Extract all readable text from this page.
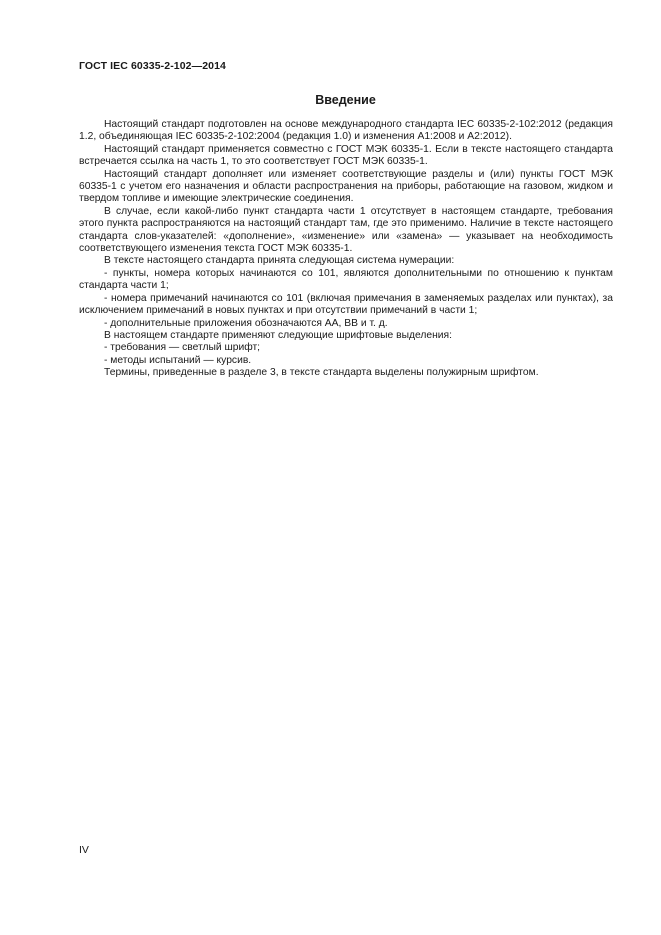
ГОСТ IEC 60335-2-102—2014
Введение

Настоящий стандарт подготовлен на основе международного стандарта IEC 60335-2-102:2012 (редакция 1.2, объединяющая IEC 60335-2-102:2004 (редакция 1.0) и изменения A1:2008 и A2:2012).

Настоящий стандарт применяется совместно с ГОСТ МЭК 60335-1. Если в тексте настоящего стандарта встречается ссылка на часть 1, то это соответствует ГОСТ МЭК 60335-1.

Настоящий стандарт дополняет или изменяет соответствующие разделы и (или) пункты ГОСТ МЭК 60335-1 с учетом его назначения и области распространения на приборы, работающие на газовом, жидком и твердом топливе и имеющие электрические соединения.

В случае, если какой-либо пункт стандарта части 1 отсутствует в настоящем стандарте, требования этого пункта распространяются на настоящий стандарт там, где это применимо. Наличие в тексте настоящего стандарта слов-указателей: «дополнение», «изменение» или «замена» — указывает на необходимость соответствующего изменения текста ГОСТ МЭК 60335-1.

В тексте настоящего стандарта принята следующая система нумерации:

- пункты, номера которых начинаются со 101, являются дополнительными по отношению к пунктам стандарта части 1;

- номера примечаний начинаются со 101 (включая примечания в заменяемых разделах или пунктах), за исключением примечаний в новых пунктах и при отсутствии примечаний в части 1;

- дополнительные приложения обозначаются AA, BB и т. д.

В настоящем стандарте применяют следующие шрифтовые выделения:

- требования — светлый шрифт;

- методы испытаний — курсив.

Термины, приведенные в разделе 3, в тексте стандарта выделены полужирным шрифтом.

IV
